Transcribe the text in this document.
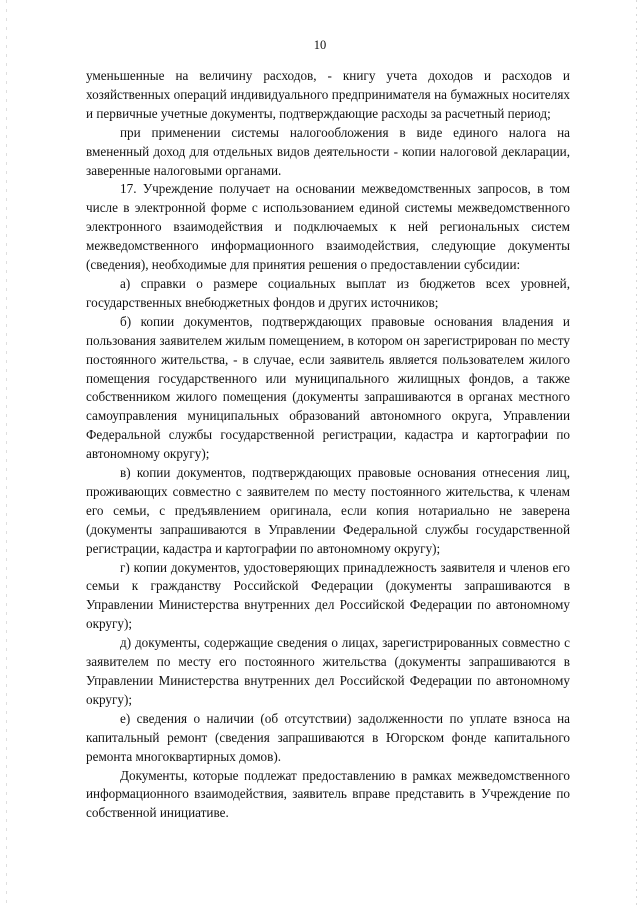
10

уменьшенные на величину расходов, - книгу учета доходов и расходов и хозяйственных операций индивидуального предпринимателя на бумажных носителях и первичные учетные документы, подтверждающие расходы за расчетный период;

при применении системы налогообложения в виде единого налога на вмененный доход для отдельных видов деятельности - копии налоговой декларации, заверенные налоговыми органами.

17. Учреждение получает на основании межведомственных запросов, в том числе в электронной форме с использованием единой системы межведомственного электронного взаимодействия и подключаемых к ней региональных систем межведомственного информационного взаимодействия, следующие документы (сведения), необходимые для принятия решения о предоставлении субсидии:

а) справки о размере социальных выплат из бюджетов всех уровней, государственных внебюджетных фондов и других источников;

б) копии документов, подтверждающих правовые основания владения и пользования заявителем жилым помещением, в котором он зарегистрирован по месту постоянного жительства, - в случае, если заявитель является пользователем жилого помещения государственного или муниципального жилищных фондов, а также собственником жилого помещения (документы запрашиваются в органах местного самоуправления муниципальных образований автономного округа, Управлении Федеральной службы государственной регистрации, кадастра и картографии по автономному округу);

в) копии документов, подтверждающих правовые основания отнесения лиц, проживающих совместно с заявителем по месту постоянного жительства, к членам его семьи, с предъявлением оригинала, если копия нотариально не заверена (документы запрашиваются в Управлении Федеральной службы государственной регистрации, кадастра и картографии по автономному округу);

г) копии документов, удостоверяющих принадлежность заявителя и членов его семьи к гражданству Российской Федерации (документы запрашиваются в Управлении Министерства внутренних дел Российской Федерации по автономному округу);

д) документы, содержащие сведения о лицах, зарегистрированных совместно с заявителем по месту его постоянного жительства (документы запрашиваются в Управлении Министерства внутренних дел Российской Федерации по автономному округу);

е) сведения о наличии (об отсутствии) задолженности по уплате взноса на капитальный ремонт (сведения запрашиваются в Югорском фонде капитального ремонта многоквартирных домов).

Документы, которые подлежат предоставлению в рамках межведомственного информационного взаимодействия, заявитель вправе представить в Учреждение по собственной инициативе.
